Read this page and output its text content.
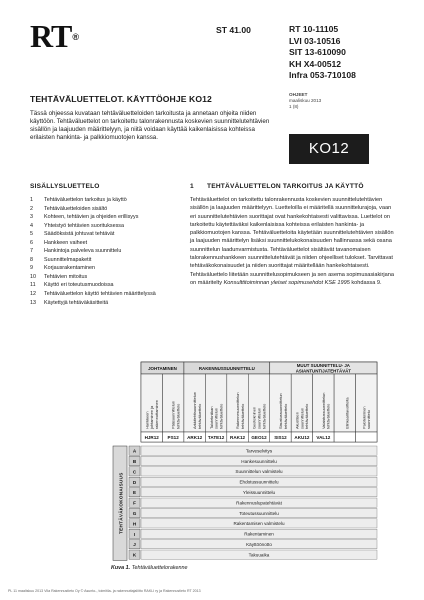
RT®
ST 41.00	RT 10-11105
LVI 03-10516
SIT 13-610090
KH X4-00512
Infra 053-710108
TEHTÄVÄLUETTELOT. KÄYTTÖOHJE KO12	OHJEET
maaliskuu 2013
1 (8)
Tässä ohjeessa kuvataan tehtäväluetteloiden tarkoitusta ja annetaan ohjeita niiden käyttöön. Tehtäväluettelot on tarkoitettu talonrakennusta koskevien suunnittelutehtävien sisällön ja laajuuden määrittelyyn, ja niitä voidaan käyttää kaikenlaisissa kohteissa erilaisten hankinta- ja palkkiomuotojen kanssa.
KO12
SISÄLLYSLUETTELO
1	Tehtäväluettelon tarkoitus ja käyttö
2	Tehtäväluetteloiden sisältö
3	Kohteen, tehtävien ja ohjeiden erillisyys
4	Yhteistyö tehtävien suorituksessa
5	Säädöksistä johtuvat tehtävät
6	Hankkeen vaiheet
7	Hankintoja palveleva suunnittelu
8	Suunnittelmapaketit
9	Korjausrakentaminen
10	Tehtävien mitoitus
11	Käyttö eri toteutusmuodoissa
12	Tehtäväluettelon käyttö tehtävien määrittelyssä
13	Käytettyjä tehtäväkäsitteitä
1 TEHTÄVÄLUETTELON TARKOITUS JA KÄYTTÖ
Tehtäväluettelot on tarkoitettu talonrakennusta koskevien suunnittelutehtävien sisällön ja laajuuden määrittelyyn. Luetteloilla ei määritellä suunnittelurajoja, vaan eri suunnittelutehtävien suorittajat ovat hankekohtaisesti valittavissa. Luettelot on tarkoitettu käytettäväksi kaikenlaisissa kohteissa erilaisten hankinta- ja palkkiomuotojen kanssa. Tehtäväluetteloita käytetään suunnittelutehtävien sisällön ja laajuuden määrittelyn lisäksi suunnittelukokonaisuuden hallinnassa sekä osana suunnittelun laadunvarmistusta. Tehtäväluettelot sisältävät tavanomaisen talorakennushankkeen suunnittelutehtävät ja niiden ohjeelliset tulokset. Tarvittavat tehtäväkokonaisuudet ja niiden suorittajat määritellään hankekohtaisesti. Tehtäväluettelo liitetään suunnittelusopimukseen ja sen asema sopimusasiakirjana on määritelty Konsulttitoiminnan yleiset sopimusehdot KSE 1995 kohdassa 9.
JOHTAMINEN	RAKENNUSSUUNNITTELU
MUUT SUUNNITTELU- JA
ASIANTUNTIJATEHTÄVÄT
Hankkeen johtaminen ja rakennuttaminen
HJR12
Pääsuunnittelun tehtäväluettelo
PS12
Arkkitehtisuunnittelun tehtäväluettelo
ARK12
Talotekniikan suunnittelun tehtäväluettelo
TATE12
Rakennesuunnittelun tehtäväluettelo
RAK12
Geotekninen suunnittelun tehtäväluettelo
GEO12
Sisustussuunnittelun tehtäväluettelo
SIS12
Akustisen suunnittelun tehtäväluettelo
AKU12
Valaistussuunnittelun tehtäväluettelo
VAL12
Elinkaaritavoitteita	Palotekninen suunnittelu
TEHTÄVÄKOKONAISUUS
A	Tarveselvitys
B	Hankesuunnittelu
C	Suunnittelun valmistelu
D	Ehdotussuunnittelu
E	Yleissuunnittelu
F	Rakennuslupatehtävät
G	Toteutussuunnittelu
H	Rakentamisen valmistelu
I	Rakentaminen
J	Käyttöönotto
K	Takuuaika
Kuva 1. Tehtäväluettelorakenne
PL 11 maaliskuu 2013 Vila Rakennustieto Oy © Asunto-, toimitila- ja rakennuttajaliitto RAKLI ry ja Rakennustieto RT 2013
